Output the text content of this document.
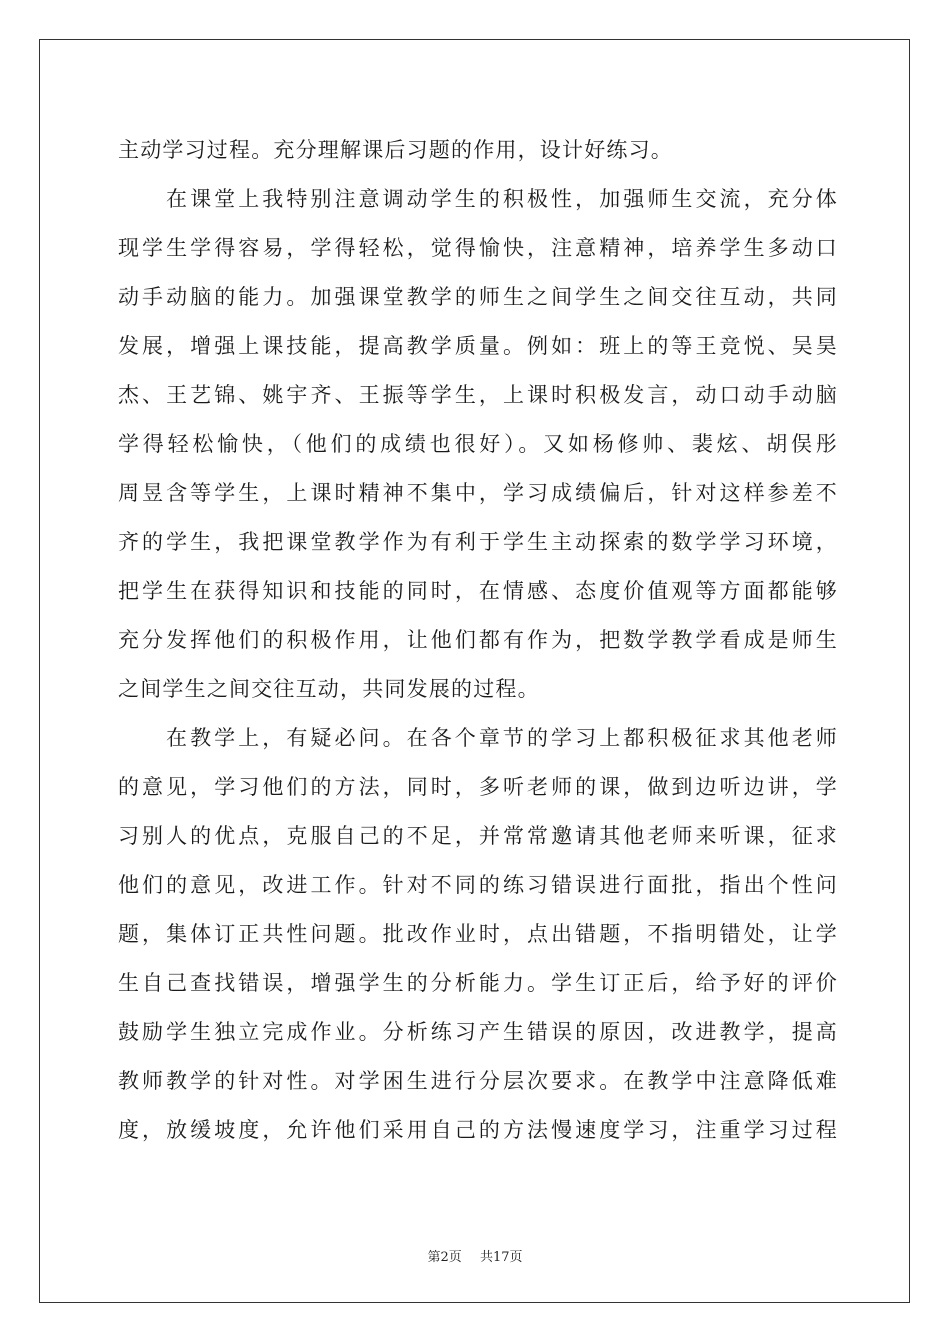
主动学习过程。充分理解课后习题的作用，设计好练习。
在课堂上我特别注意调动学生的积极性，加强师生交流，充分体
现学生学得容易，学得轻松，觉得愉快，注意精神，培养学生多动口
动手动脑的能力。加强课堂教学的师生之间学生之间交往互动，共同
发展，增强上课技能，提高教学质量。例如：班上的等王竞悦、吴昊
杰、王艺锦、姚宇齐、王振等学生，上课时积极发言，动口动手动脑
学得轻松愉快，（他们的成绩也很好）。又如杨修帅、裴炫、胡俣彤
周昱含等学生，上课时精神不集中，学习成绩偏后，针对这样参差不
齐的学生，我把课堂教学作为有利于学生主动探索的数学学习环境，
把学生在获得知识和技能的同时，在情感、态度价值观等方面都能够
充分发挥他们的积极作用，让他们都有作为，把数学教学看成是师生
之间学生之间交往互动，共同发展的过程。
在教学上，有疑必问。在各个章节的学习上都积极征求其他老师
的意见，学习他们的方法，同时，多听老师的课，做到边听边讲，学
习别人的优点，克服自己的不足，并常常邀请其他老师来听课，征求
他们的意见，改进工作。针对不同的练习错误进行面批，指出个性问
题，集体订正共性问题。批改作业时，点出错题，不指明错处，让学
生自己查找错误，增强学生的分析能力。学生订正后，给予好的评价
鼓励学生独立完成作业。分析练习产生错误的原因，改进教学，提高
教师教学的针对性。对学困生进行分层次要求。在教学中注意降低难
度，放缓坡度，允许他们采用自己的方法慢速度学习，注重学习过程
第2页 共17页
